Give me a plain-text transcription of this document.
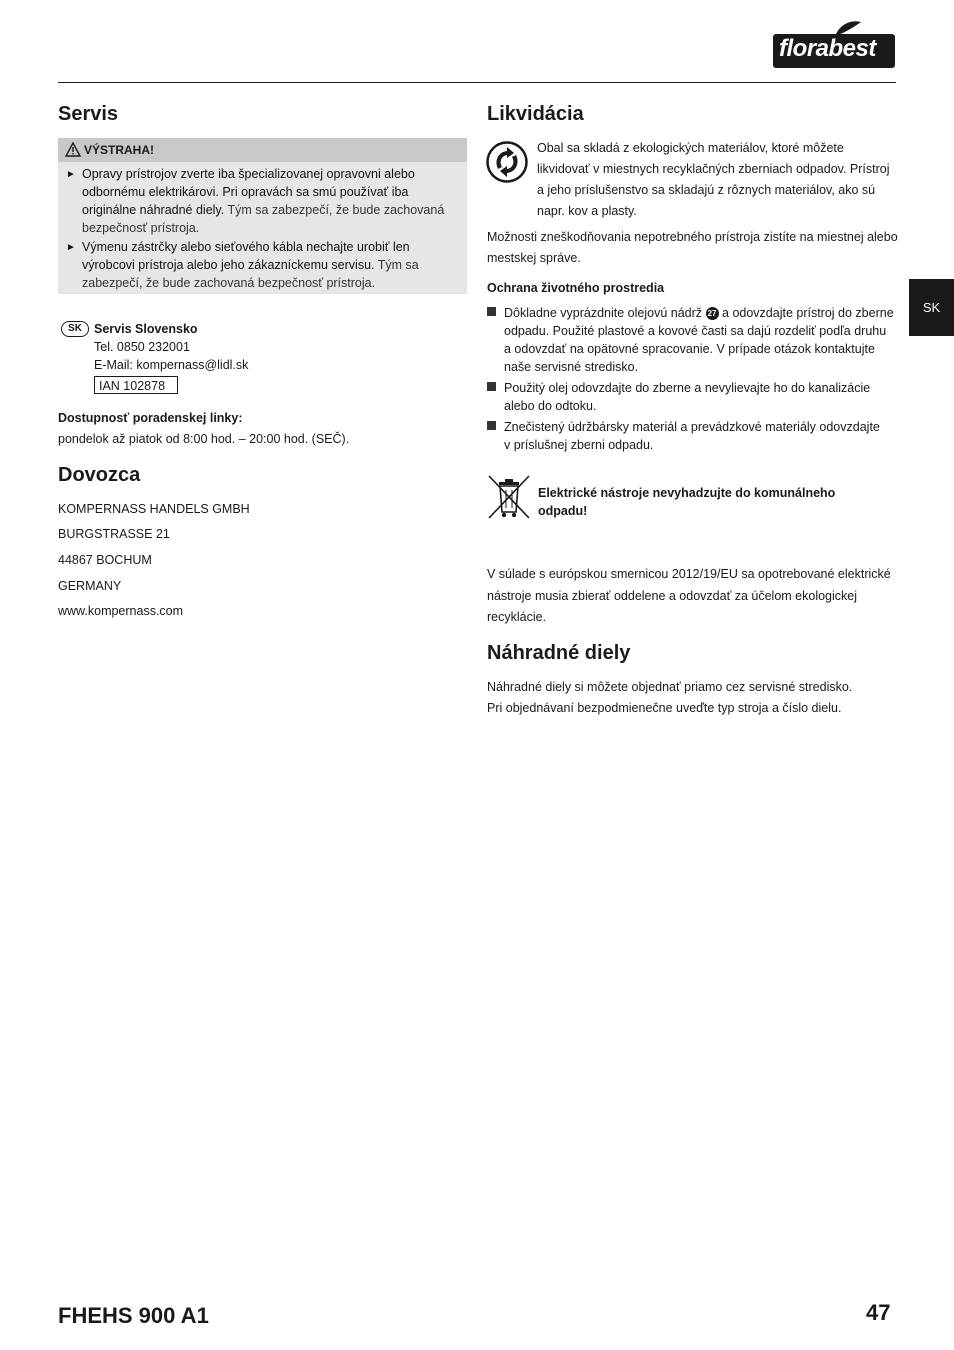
florabest
Servis
VÝSTRAHA!
► Opravy prístrojov zverte iba špecializovanej opravovni alebo odbornému elektrikárovi. Pri opravách sa smú používať iba originálne náhradné diely. Tým sa zabezpečí, že bude zachovaná bezpečnosť prístroja.
► Výmenu zástrčky alebo sieťového kábla nechajte urobiť len výrobcovi prístroja alebo jeho zákazníckemu servisu. Tým sa zabezpečí, že bude zachovaná bezpečnosť prístroja.
SK Servis Slovensko
Tel. 0850 232001
E-Mail: kompernass@lidl.sk
IAN 102878
Dostupnosť poradenskej linky:
pondelok až piatok od 8:00 hod. – 20:00 hod. (SEČ).
Dovozca
KOMPERNASS HANDELS GMBH
BURGSTRASSE 21
44867 BOCHUM
GERMANY
www.kompernass.com
Likvidácia
Obal sa skladá z ekologických materiálov, ktoré môžete
likvidovať v miestnych recyklačných zberniach odpadov. Prístroj
a jeho príslušenstvo sa skladajú z rôznych materiálov, ako sú
napr. kov a plasty.
Možnosti zneškodňovania nepotrebného prístroja zistíte na miestnej alebo
mestskej správe.
Ochrana životného prostredia
Dôkladne vyprázdnite olejovú nádrž 27 a odovzdajte prístroj do zberne
odpadu. Použité plastové a kovové časti sa dajú rozdeliť podľa druhu
a odovzdať na opätovné spracovanie. V prípade otázok kontaktujte
naše servisné stredisko.
Použitý olej odovzdajte do zberne a nevylievajte ho do kanalizácie
alebo do odtoku.
Znečistený údržbársky materiál a prevádzkové materiály odovzdajte
v príslušnej zberni odpadu.
Elektrické nástroje nevyhadzujte do komunálneho
odpadu!
V súlade s európskou smernicou 2012/19/EU sa opotrebované elektrické
nástroje musia zbierať oddelene a odovzdať za účelom ekologickej
recyklácie.
Náhradné diely
Náhradné diely si môžete objednať priamo cez servisné stredisko.
Pri objednávaní bezpodmienečne uveďte typ stroja a číslo dielu.
SK
FHEHS 900 A1	47
